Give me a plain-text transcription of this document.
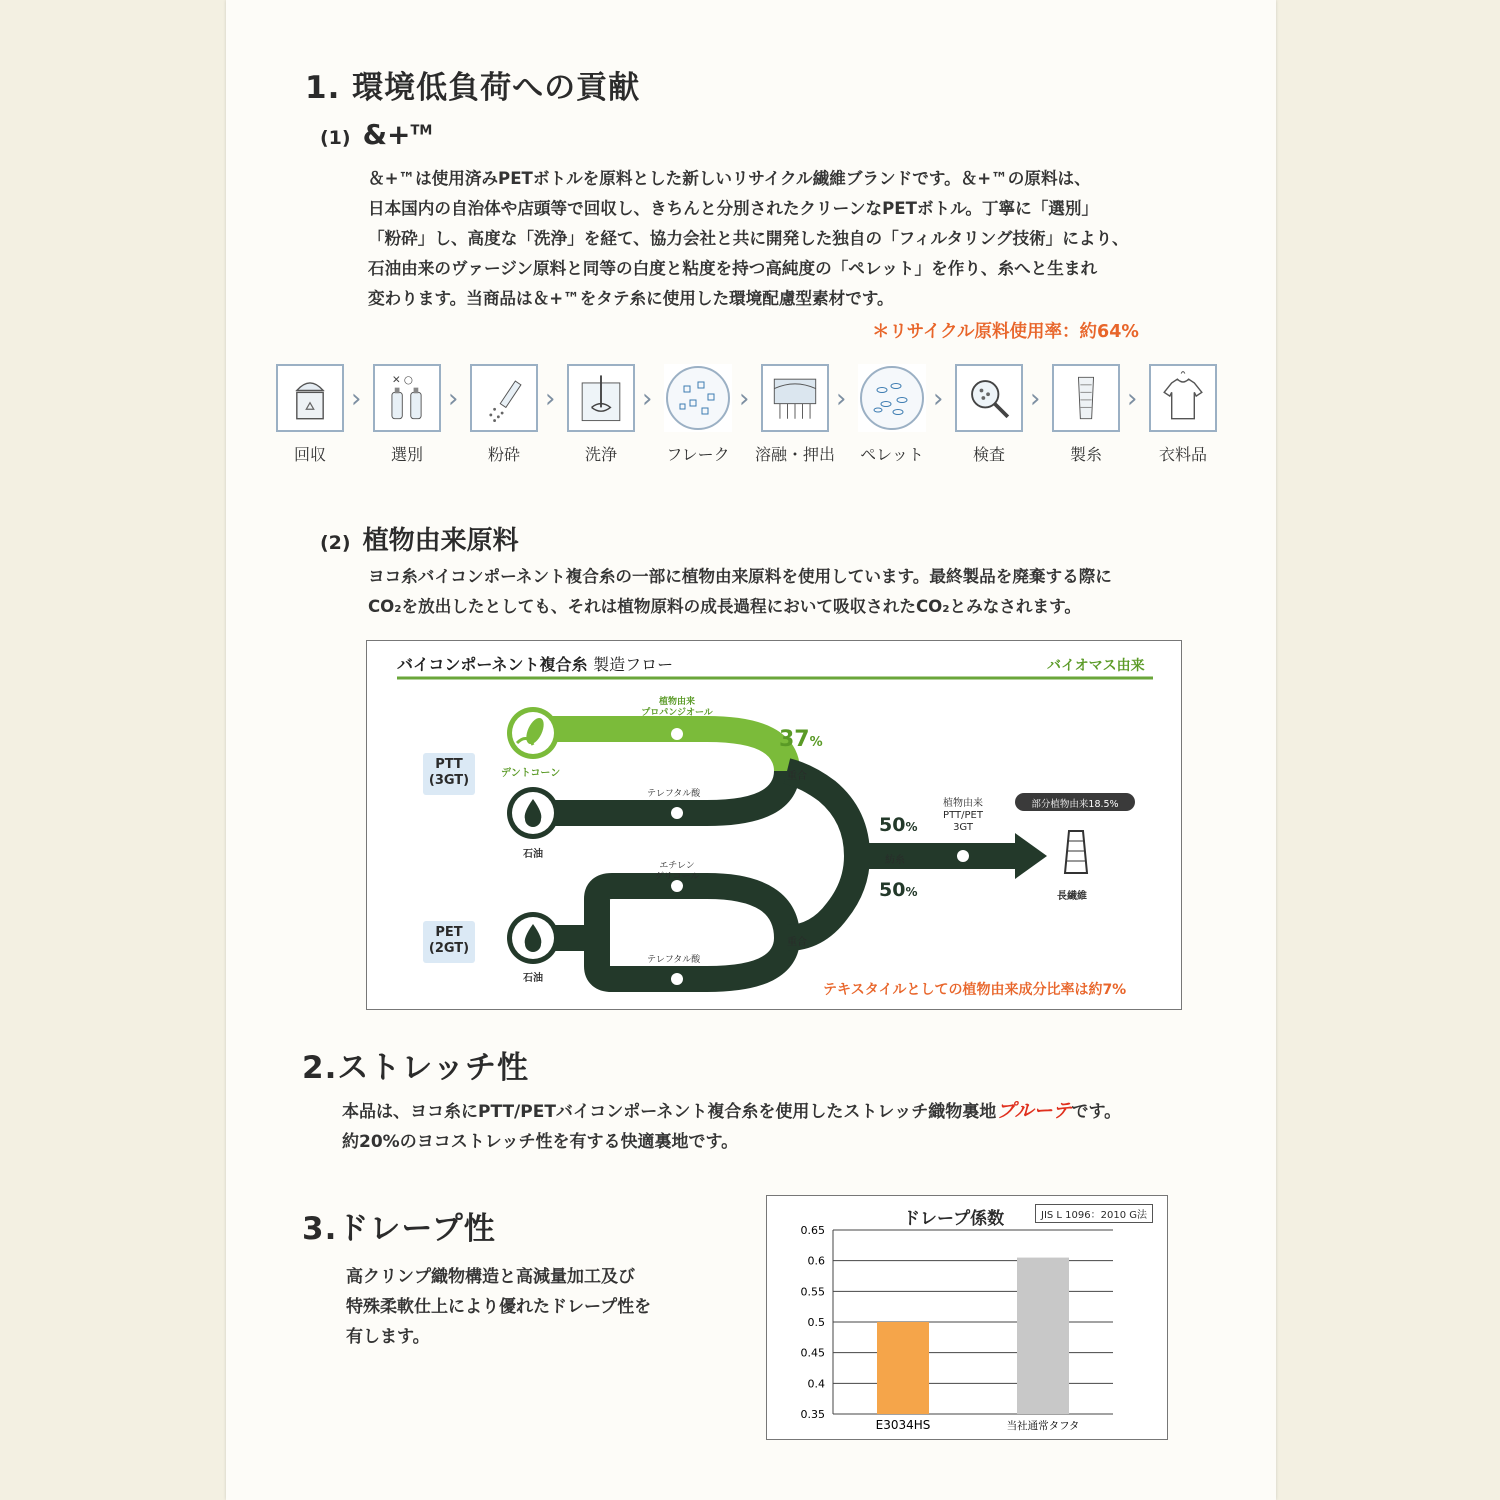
1. 環境低負荷への貢献
(1) &+™
＆+™は使用済みPETボトルを原料とした新しいリサイクル繊維ブランドです。＆+™の原料は、
日本国内の自治体や店頭等で回収し、きちんと分別されたクリーンなPETボトル。丁寧に「選別」
「粉砕」し、高度な「洗浄」を経て、協力会社と共に開発した独自の「フィルタリング技術」により、
石油由来のヴァージン原料と同等の白度と粘度を持つ高純度の「ペレット」を作り、糸へと生まれ
変わります。当商品は＆+™をタテ糸に使用した環境配慮型素材です。
＊リサイクル原料使用率：約64%
✕ ○
›	›	›	›	›	›	›	›	›
回収	選別	粉砕	洗浄	フレーク	溶融・押出	ペレット	検査	製糸	衣料品
(2) 植物由来原料
ヨコ糸バイコンポーネント複合糸の一部に植物由来原料を使用しています。最終製品を廃棄する際に
CO₂を放出したとしても、それは植物原料の成長過程において吸収されたCO₂とみなされます。
バイコンポーネント複合糸 製造フロー	バイオマス由来
PTT
(3GT)
PET
(2GT)
植物由来
プロパンジオール
デントコーン
石油
石油
テレフタル酸
テレフタル酸
エチレン
グリコール
重合
重合
紡糸
37%
50%
50%
植物由来
PTT/PET
3GT
部分植物由来18.5%
長繊維
テキスタイルとしての植物由来成分比率は約7%
2.ストレッチ性
本品は、ヨコ糸にPTT/PETバイコンポーネント複合糸を使用したストレッチ織物裏地プルーテです。
約20%のヨコストレッチ性を有する快適裏地です。
3.ドレープ性
高クリンプ織物構造と高減量加工及び
特殊柔軟仕上により優れたドレープ性を
有します。
ドレープ係数	JIS L 1096：2010 G法
0.65
0.6
0.55
0.5
0.45
0.4
0.35
E3034HS	当社通常タフタ
